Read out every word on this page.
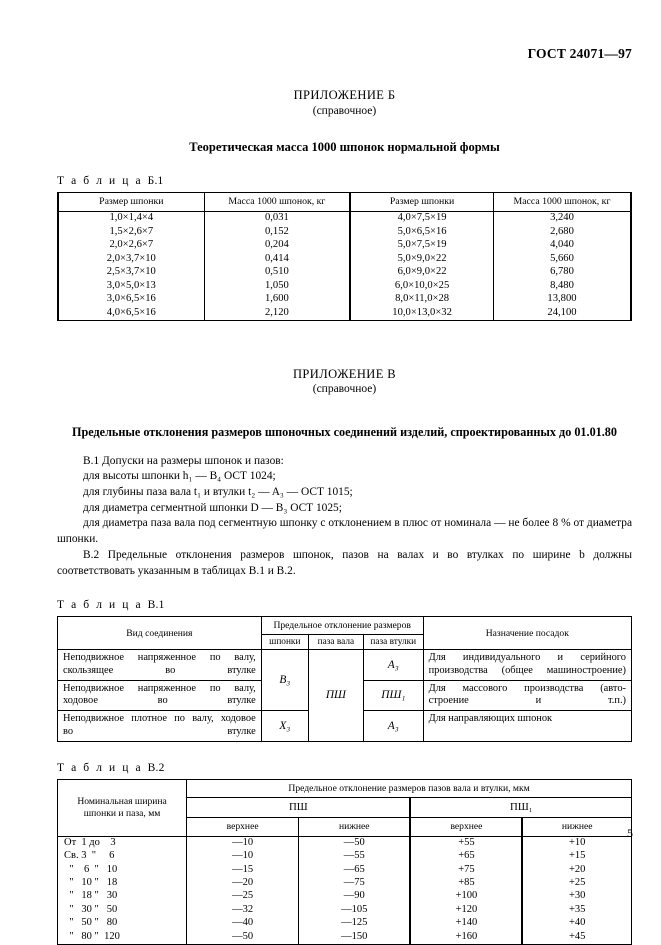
ГОСТ 24071—97
ПРИЛОЖЕНИЕ Б
(справочное)
Теоретическая масса 1000 шпонок нормальной формы
Т а б л и ц а Б.1
Размер шпонки	Масса 1000 шпонок, кг	Размер шпонки	Масса 1000 шпонок, кг
1,0×1,4×4	0,031	4,0×7,5×19	3,240
1,5×2,6×7	0,152	5,0×6,5×16	2,680
2,0×2,6×7	0,204	5,0×7,5×19	4,040
2,0×3,7×10	0,414	5,0×9,0×22	5,660
2,5×3,7×10	0,510	6,0×9,0×22	6,780
3,0×5,0×13	1,050	6,0×10,0×25	8,480
3,0×6,5×16	1,600	8,0×11,0×28	13,800
4,0×6,5×16	2,120	10,0×13,0×32	24,100
ПРИЛОЖЕНИЕ В
(справочное)
Предельные отклонения размеров шпоночных соединений изделий, спроектированных до 01.01.80

В.1 Допуски на размеры шпонок и пазов:

для высоты шпонки h₁ — B₄ ОСТ 1024;

для глубины паза вала t₁ и втулки t₂ — A₃ — ОСТ 1015;

для диаметра сегментной шпонки D — B₃ ОСТ 1025;

для диаметра паза вала под сегментную шпонку с отклонением в плюс от номинала — не более 8 % от диаметра шпонки.

В.2 Предельные отклонения размеров шпонок, пазов на валах и во втулках по ширине b должны соответствовать указанным в таблицах В.1 и В.2.

Т а б л и ц а В.1
Вид соединения	Предельное отклонение размеров			Назначение посадок
	шпонки	паза вала	паза втулки	
Неподвижное напряженное по валу,
скользящее во втулке	B₃	ПШ	A₃	Для индивидуального и серийного
производства (общее машиностроение)
Неподвижное напряженное по валу,
ходовое во втулке			ПШ₁	Для массового производства (авто-
строение и т.п.)
Неподвижное плотное по валу, ходовое
во втулке	X₃		A₃	Для направляющих шпонок

Т а б л и ц а В.2
Номинальная ширина
шпонки и паза, мм	Предельное отклонение размеров пазов вала и втулки, мкм			
	ПШ		ПШ₁	
	верхнее	нижнее	верхнее	нижнее
От  1 до    3	—10	—50	+55	+10
Св. 3  "     6	—10	—55	+65	+15
"    6  "   10	—15	—65	+75	+20
"   10 "   18	—20	—75	+85	+25
"   18 "   30	—25	—90	+100	+30
"   30 "   50	—32	—105	+120	+35
"   50 "   80	—40	—125	+140	+40
"   80 "  120	—50	—150	+160	+45
5
